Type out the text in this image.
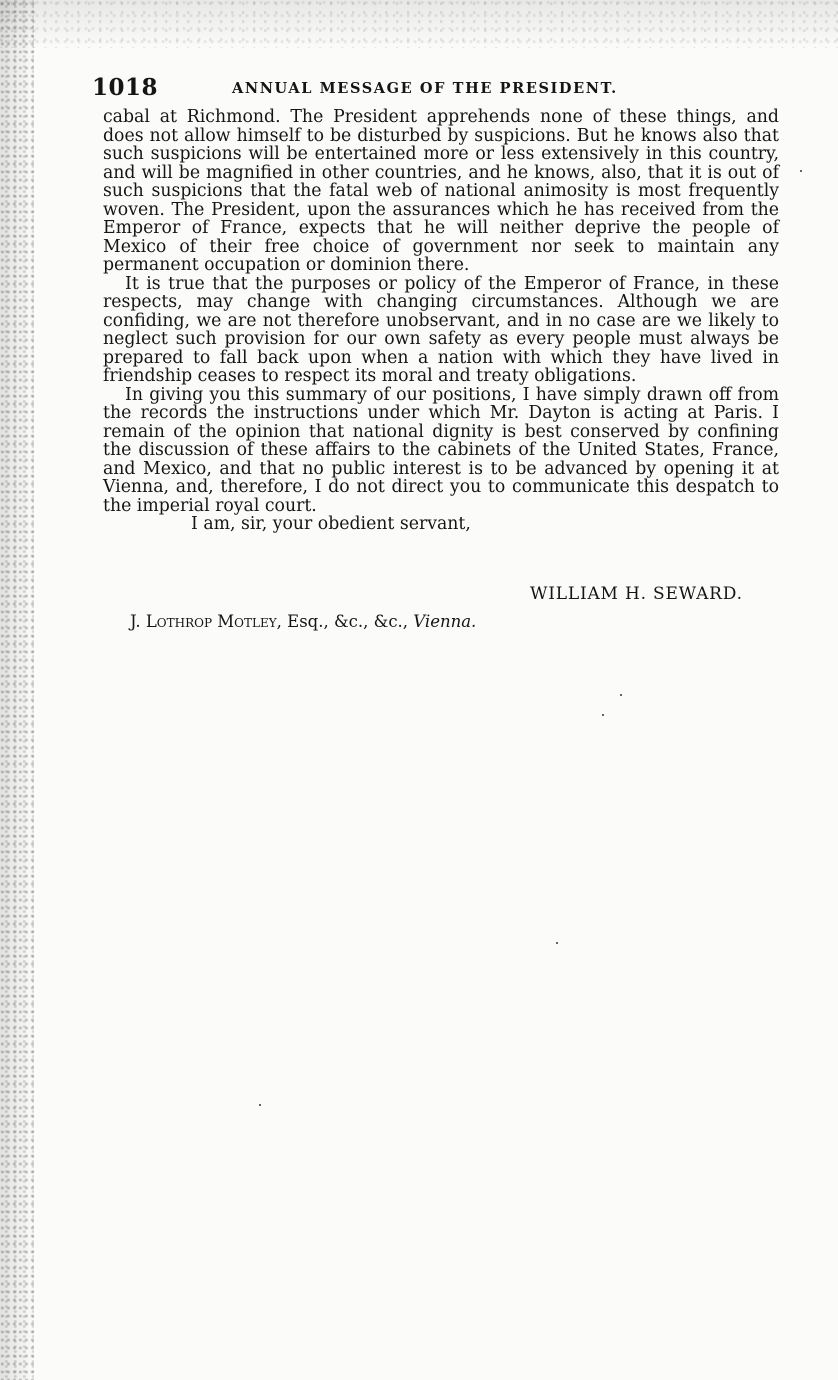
1018	ANNUAL MESSAGE OF THE PRESIDENT.

cabal at Richmond. The President apprehends none of these things, and does not allow himself to be disturbed by suspicions. But he knows also that such suspicions will be entertained more or less extensively in this country, and will be magnified in other countries, and he knows, also, that it is out of such suspicions that the fatal web of national animosity is most frequently woven. The President, upon the assurances which he has received from the Emperor of France, expects that he will neither deprive the people of Mexico of their free choice of government nor seek to maintain any permanent occupation or dominion there.

It is true that the purposes or policy of the Emperor of France, in these respects, may change with changing circumstances. Although we are confiding, we are not therefore unobservant, and in no case are we likely to neglect such provision for our own safety as every people must always be prepared to fall back upon when a nation with which they have lived in friendship ceases to respect its moral and treaty obligations.

In giving you this summary of our positions, I have simply drawn off from the records the instructions under which Mr. Dayton is acting at Paris. I remain of the opinion that national dignity is best conserved by confining the discussion of these affairs to the cabinets of the United States, France, and Mexico, and that no public interest is to be advanced by opening it at Vienna, and, therefore, I do not direct you to communicate this despatch to the imperial royal court.

I am, sir, your obedient servant,

WILLIAM H. SEWARD.
J. Lothrop Motley, Esq., &c., &c., Vienna.
